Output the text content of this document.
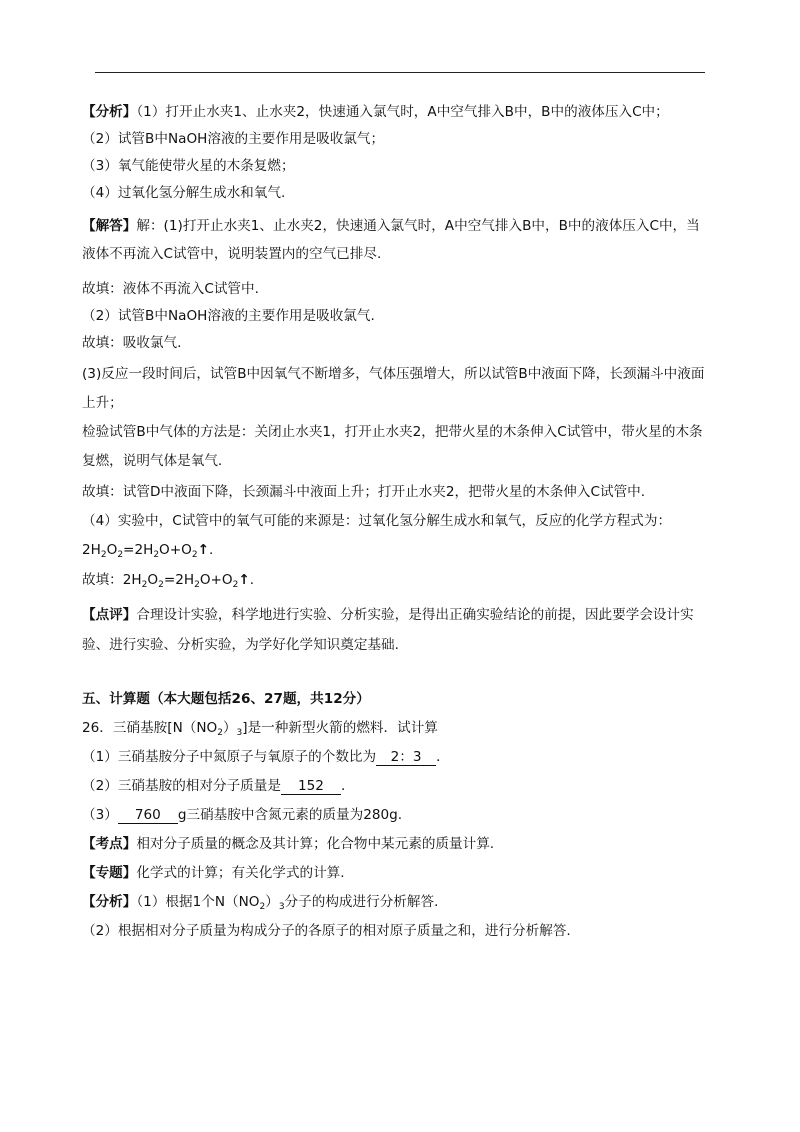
【分析】（1）打开止水夹1、止水夹2，快速通入氯气时，A中空气排入B中，B中的液体压入C中；
（2）试管B中NaOH溶液的主要作用是吸收氯气；
（3）氧气能使带火星的木条复燃；
（4）过氧化氢分解生成水和氧气.
【解答】解：(1)打开止水夹1、止水夹2，快速通入氯气时，A中空气排入B中，B中的液体压入C中，当液体不再流入C试管中，说明装置内的空气已排尽.
故填：液体不再流入C试管中.
（2）试管B中NaOH溶液的主要作用是吸收氯气.
故填：吸收氯气.
(3)反应一段时间后，试管B中因氧气不断增多，气体压强增大，所以试管B中液面下降，长颈漏斗中液面上升；
检验试管B中气体的方法是：关闭止水夹1，打开止水夹2，把带火星的木条伸入C试管中，带火星的木条复燃，说明气体是氧气.
故填：试管D中液面下降，长颈漏斗中液面上升；打开止水夹2，把带火星的木条伸入C试管中.
（4）实验中，C试管中的氧气可能的来源是：过氧化氢分解生成水和氧气，反应的化学方程式为：
$2H_2O_2=2H_2O+O_2↑$.
故填：$2H_2O_2=2H_2O+O_2↑$.
【点评】合理设计实验，科学地进行实验、分析实验，是得出正确实验结论的前提，因此要学会设计实验、进行实验、分析实验，为学好化学知识奠定基础.
五、计算题（本大题包括26、27题，共12分）
26．三硝基胺$[N(NO_2)_3]$是一种新型火箭的燃料．试计算
（1）三硝基胺分子中氮原子与氧原子的个数比为 2：3 ．
（2）三硝基胺的相对分子质量是 152 ．
（3） 760 g三硝基胺中含氮元素的质量为280g.
【考点】相对分子质量的概念及其计算；化合物中某元素的质量计算.
【专题】化学式的计算；有关化学式的计算.
【分析】（1）根据1个$N(NO_2)_3$分子的构成进行分析解答.
（2）根据相对分子质量为构成分子的各原子的相对原子质量之和，进行分析解答.
